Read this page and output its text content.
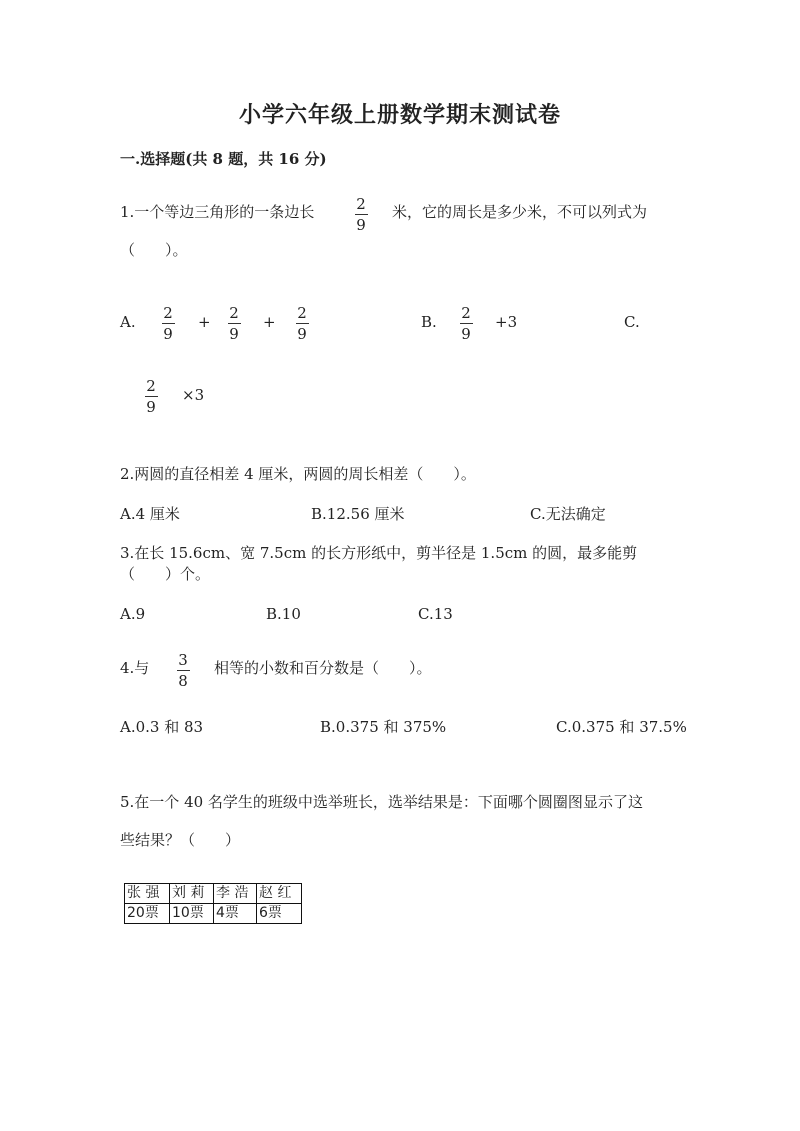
小学六年级上册数学期末测试卷
一.选择题(共 8 题，共 16 分)
1.一个等边三角形的一条边长	2
9
米，它的周长是多少米，不可以列式为
（　　）。
A. 2
9
+ 2
9
+ 2
9
B. 2
9
+3	C.
2
9
×3
2.两圆的直径相差 4 厘米，两圆的周长相差（　　）。
A.4 厘米	B.12.56 厘米	C.无法确定
3.在长 15.6cm、宽 7.5cm 的长方形纸中，剪半径是 1.5cm 的圆，最多能剪
（　　）个。
A.9	B.10	C.13
4.与 3
8
相等的小数和百分数是（　　）。
A.0.3 和 83	B.0.375 和 375%	C.0.375 和 37.5%
5.在一个 40 名学生的班级中选举班长，选举结果是：下面哪个圆圈图显示了这
些结果？（　　）
张 强	刘 莉	李 浩	赵 红
20票	10票	4票	6票
